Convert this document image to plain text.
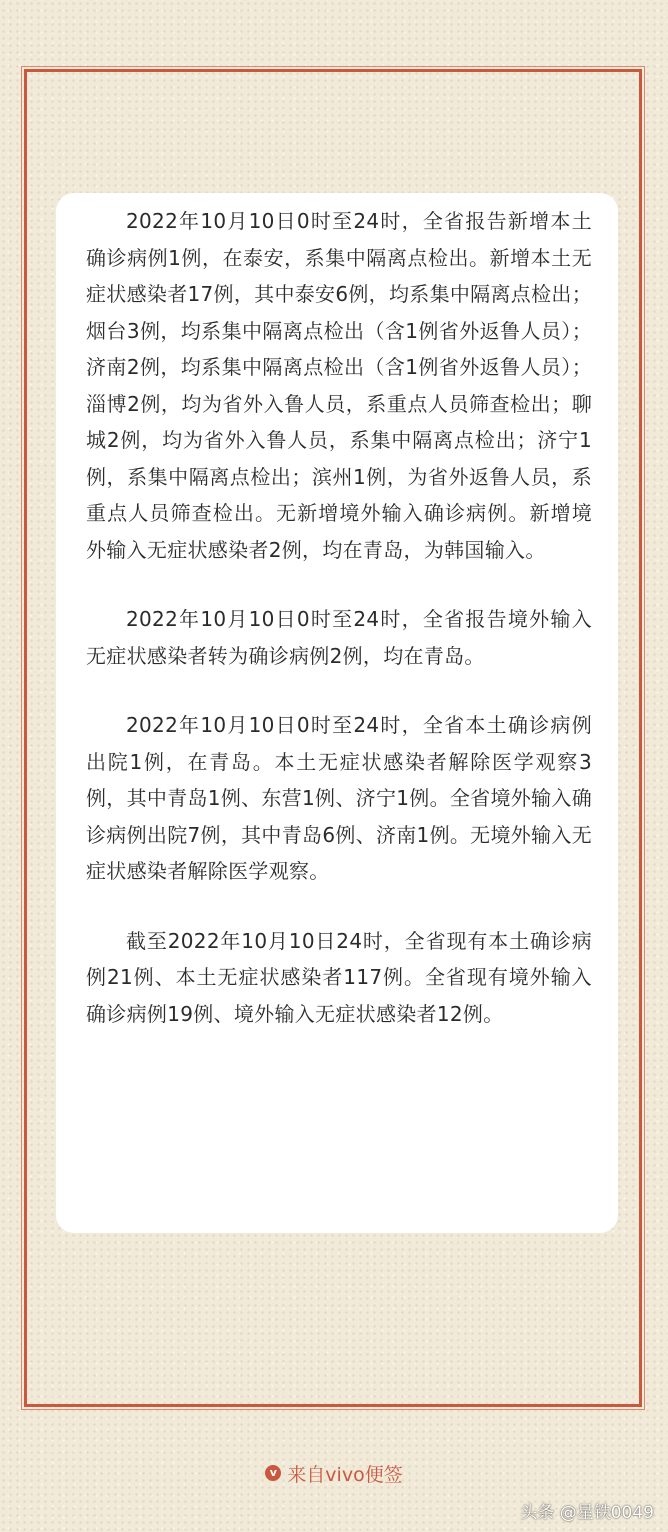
2022年10月10日0时至24时，全省报告新增本土确诊病例1例，在泰安，系集中隔离点检出。新增本土无症状感染者17例，其中泰安6例，均系集中隔离点检出；烟台3例，均系集中隔离点检出（含1例省外返鲁人员）；济南2例，均系集中隔离点检出（含1例省外返鲁人员）；淄博2例，均为省外入鲁人员，系重点人员筛查检出；聊城2例，均为省外入鲁人员，系集中隔离点检出；济宁1例，系集中隔离点检出；滨州1例，为省外返鲁人员，系重点人员筛查检出。无新增境外输入确诊病例。新增境外输入无症状感染者2例，均在青岛，为韩国输入。

2022年10月10日0时至24时，全省报告境外输入无症状感染者转为确诊病例2例，均在青岛。

2022年10月10日0时至24时，全省本土确诊病例出院1例，在青岛。本土无症状感染者解除医学观察3例，其中青岛1例、东营1例、济宁1例。全省境外输入确诊病例出院7例，其中青岛6例、济南1例。无境外输入无症状感染者解除医学观察。

截至2022年10月10日24时，全省现有本土确诊病例21例、本土无症状感染者117例。全省现有境外输入确诊病例19例、境外输入无症状感染者12例。

v 来自vivo便签
头条 @星铁0049
